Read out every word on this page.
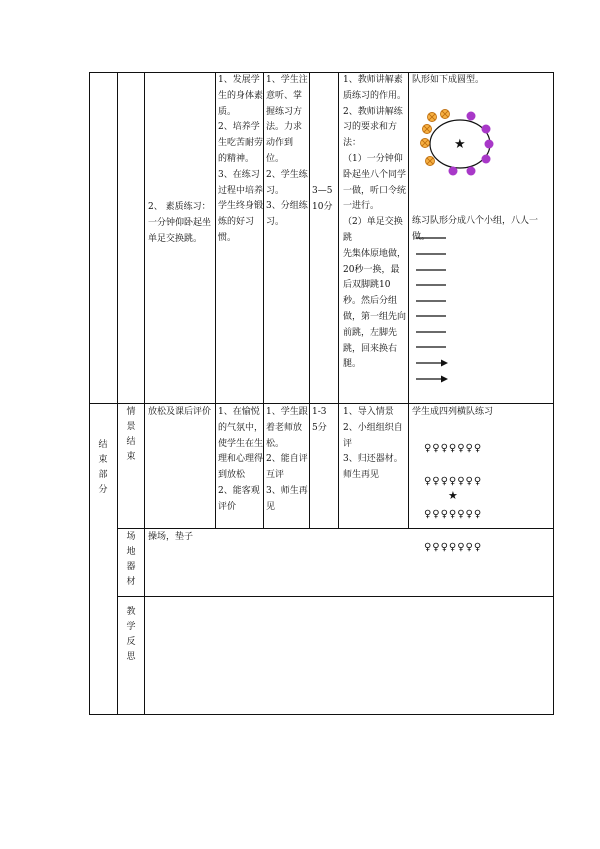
2、 素质练习：
一分钟仰卧起坐
单足交换跳。
1、发展学生的身体素质。
2、培养学生吃苦耐劳的精神。
3、在练习过程中培养学生终身锻炼的好习惯。
1、学生注意听、掌握练习方法。力求动作到位。
2、学生练习。
3、分组练习。
3—5
10分
1、教师讲解素质练习的作用。
2、教师讲解练习的要求和方法：
（1）一分钟仰卧起坐八个同学一做，听口令统一进行。
（2）单足交换跳
先集体原地做，20秒一换，最后双脚跳10秒。然后分组做，第一组先向前跳，左脚先跳，回来换右腿。
队形如下成圆型。
★
练习队形分成八个小组，八人一做。
结 束 部 分
情 景 结 束
放松及课后评价 1、在愉悦的气氛中，使学生在生理和心理得到放松
2、能客观评价
1、学生跟着老师放松。
2、能自评互评
3、师生再见
1-3
5分
1、导入情景
2、小组组织自评
3、归还器材。师生再见
学生成四列横队练习

♀♀♀♀♀♀♀

♀♀♀♀♀♀♀

♀♀♀♀♀♀♀

♀♀♀♀♀♀♀

★
场 地 器 材
操场，垫子
教 学 反 思
